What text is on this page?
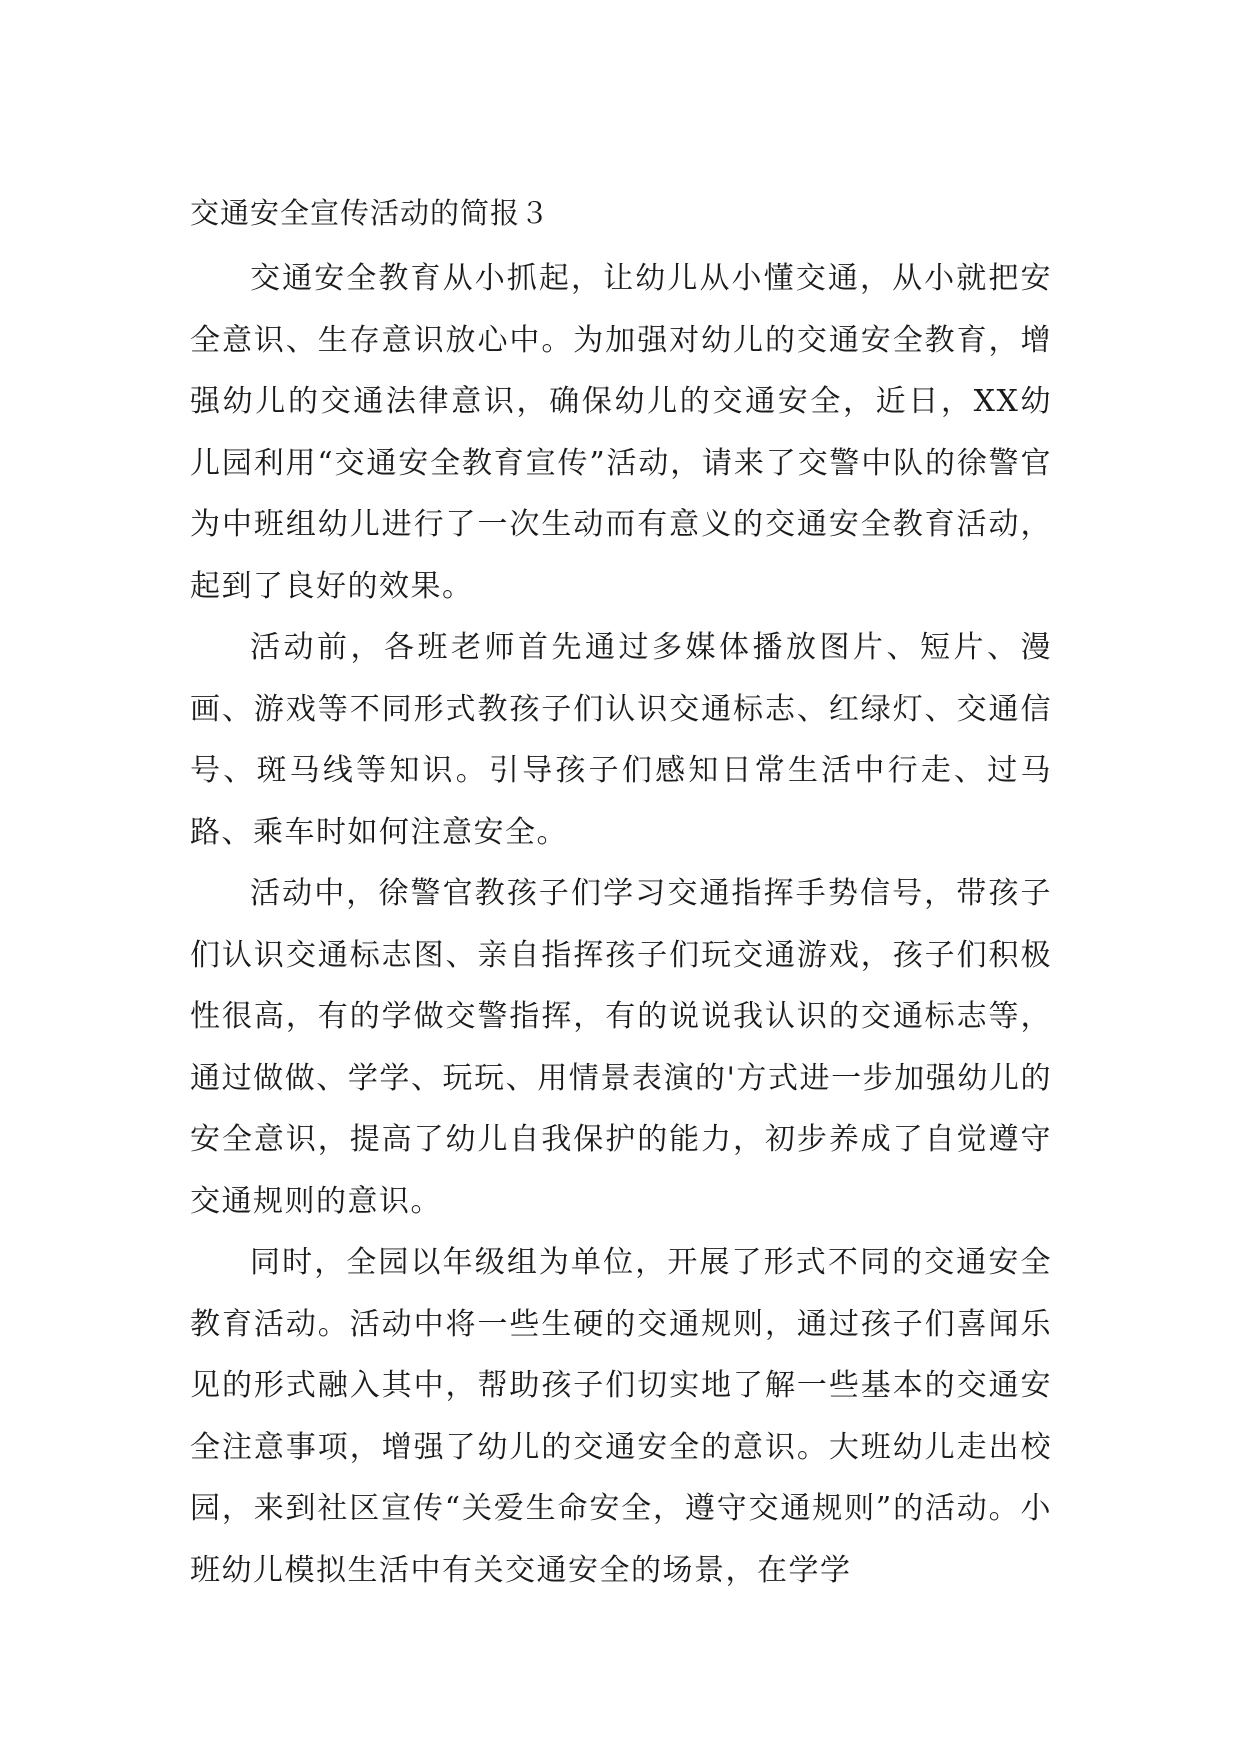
交通安全宣传活动的简报３

交通安全教育从小抓起，让幼儿从小懂交通，从小就把安全意识、生存意识放心中。为加强对幼儿的交通安全教育，增强幼儿的交通法律意识，确保幼儿的交通安全，近日，XX幼儿园利用“交通安全教育宣传”活动，请来了交警中队的徐警官为中班组幼儿进行了一次生动而有意义的交通安全教育活动，起到了良好的效果。

活动前，各班老师首先通过多媒体播放图片、短片、漫画、游戏等不同形式教孩子们认识交通标志、红绿灯、交通信号、斑马线等知识。引导孩子们感知日常生活中行走、过马路、乘车时如何注意安全。

活动中，徐警官教孩子们学习交通指挥手势信号，带孩子们认识交通标志图、亲自指挥孩子们玩交通游戏，孩子们积极性很高，有的学做交警指挥，有的说说我认识的交通标志等，通过做做、学学、玩玩、用情景表演的'方式进一步加强幼儿的安全意识，提高了幼儿自我保护的能力，初步养成了自觉遵守交通规则的意识。

同时，全园以年级组为单位，开展了形式不同的交通安全教育活动。活动中将一些生硬的交通规则，通过孩子们喜闻乐见的形式融入其中，帮助孩子们切实地了解一些基本的交通安全注意事项，增强了幼儿的交通安全的意识。大班幼儿走出校园，来到社区宣传“关爱生命安全，遵守交通规则”的活动。小班幼儿模拟生活中有关交通安全的场景，在学学
